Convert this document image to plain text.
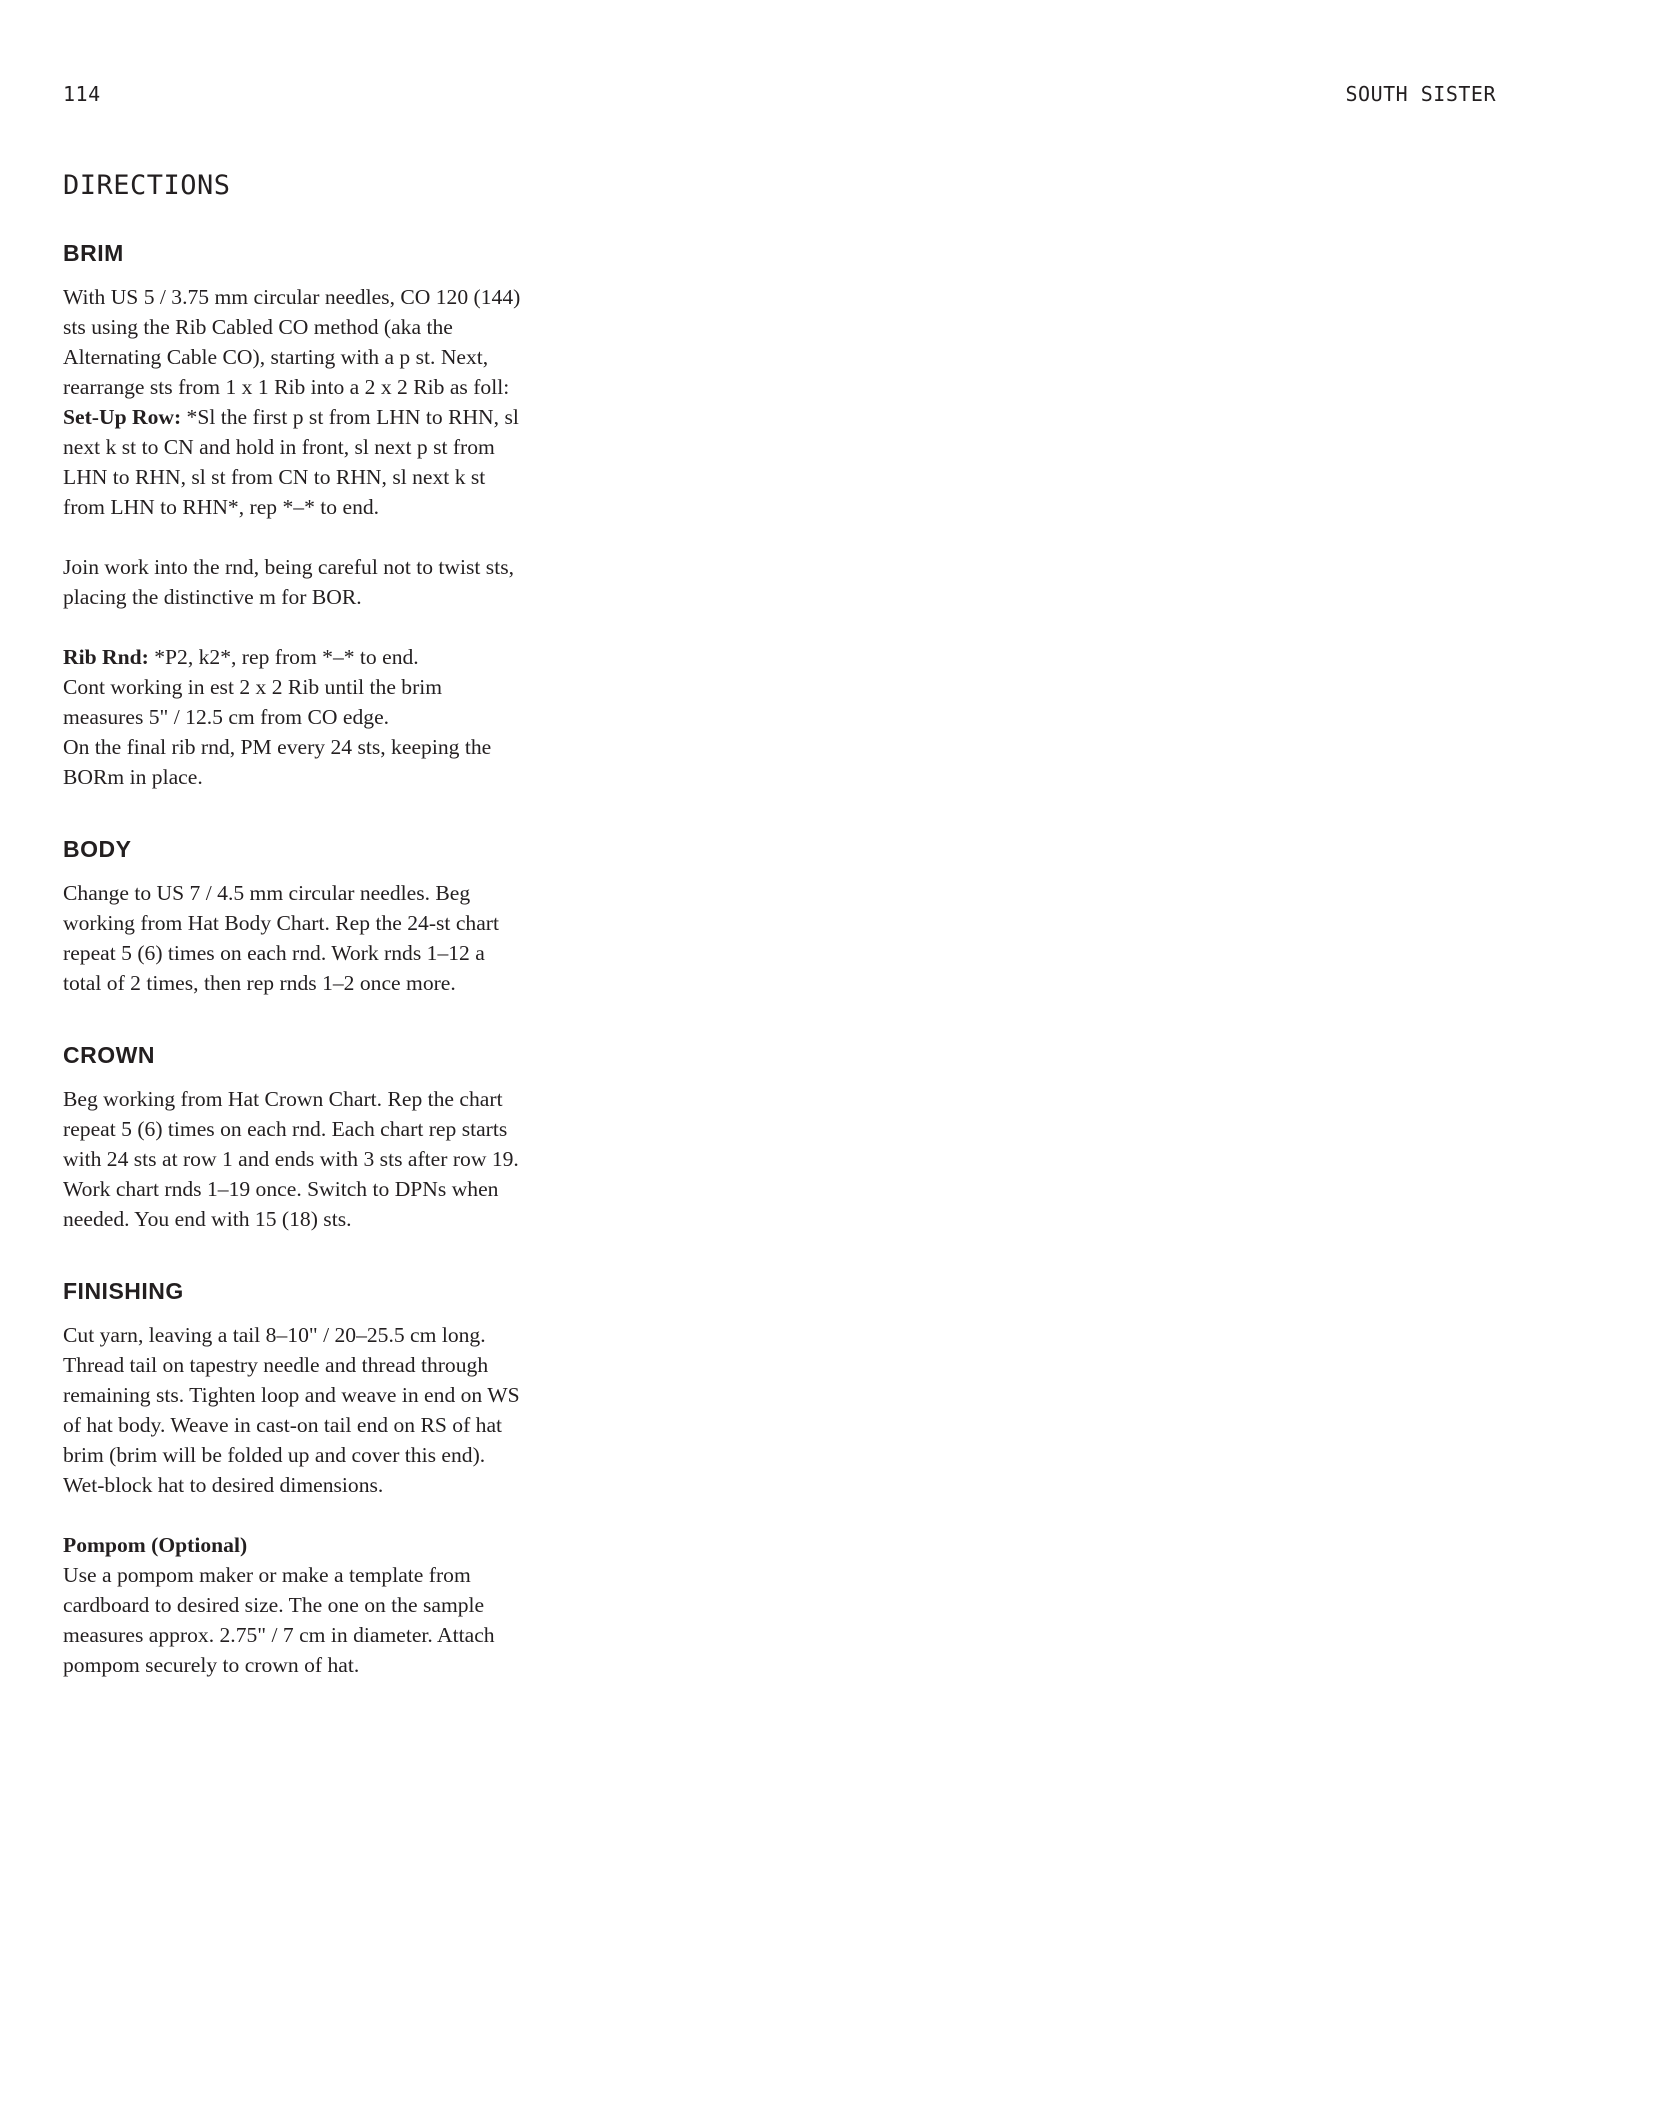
114	SOUTH SISTER
DIRECTIONS
BRIM

With US 5 / 3.75 mm circular needles, CO 120 (144) sts using the Rib Cabled CO method (aka the Alternating Cable CO), starting with a p st. Next, rearrange sts from 1 x 1 Rib into a 2 x 2 Rib as foll:
Set-Up Row: *Sl the first p st from LHN to RHN, sl next k st to CN and hold in front, sl next p st from LHN to RHN, sl st from CN to RHN, sl next k st from LHN to RHN*, rep *–* to end.

Join work into the rnd, being careful not to twist sts, placing the distinctive m for BOR.

Rib Rnd: *P2, k2*, rep from *–* to end.
Cont working in est 2 x 2 Rib until the brim measures 5" / 12.5 cm from CO edge.
On the final rib rnd, PM every 24 sts, keeping the BORm in place.

BODY

Change to US 7 / 4.5 mm circular needles. Beg working from Hat Body Chart. Rep the 24-st chart repeat 5 (6) times on each rnd. Work rnds 1–12 a total of 2 times, then rep rnds 1–2 once more.

CROWN

Beg working from Hat Crown Chart. Rep the chart repeat 5 (6) times on each rnd. Each chart rep starts with 24 sts at row 1 and ends with 3 sts after row 19. Work chart rnds 1–19 once. Switch to DPNs when needed. You end with 15 (18) sts.

FINISHING

Cut yarn, leaving a tail 8–10" / 20–25.5 cm long. Thread tail on tapestry needle and thread through remaining sts. Tighten loop and weave in end on WS of hat body. Weave in cast-on tail end on RS of hat brim (brim will be folded up and cover this end). Wet-block hat to desired dimensions.

Pompom (Optional)
Use a pompom maker or make a template from cardboard to desired size. The one on the sample measures approx. 2.75" / 7 cm in diameter. Attach pompom securely to crown of hat.
